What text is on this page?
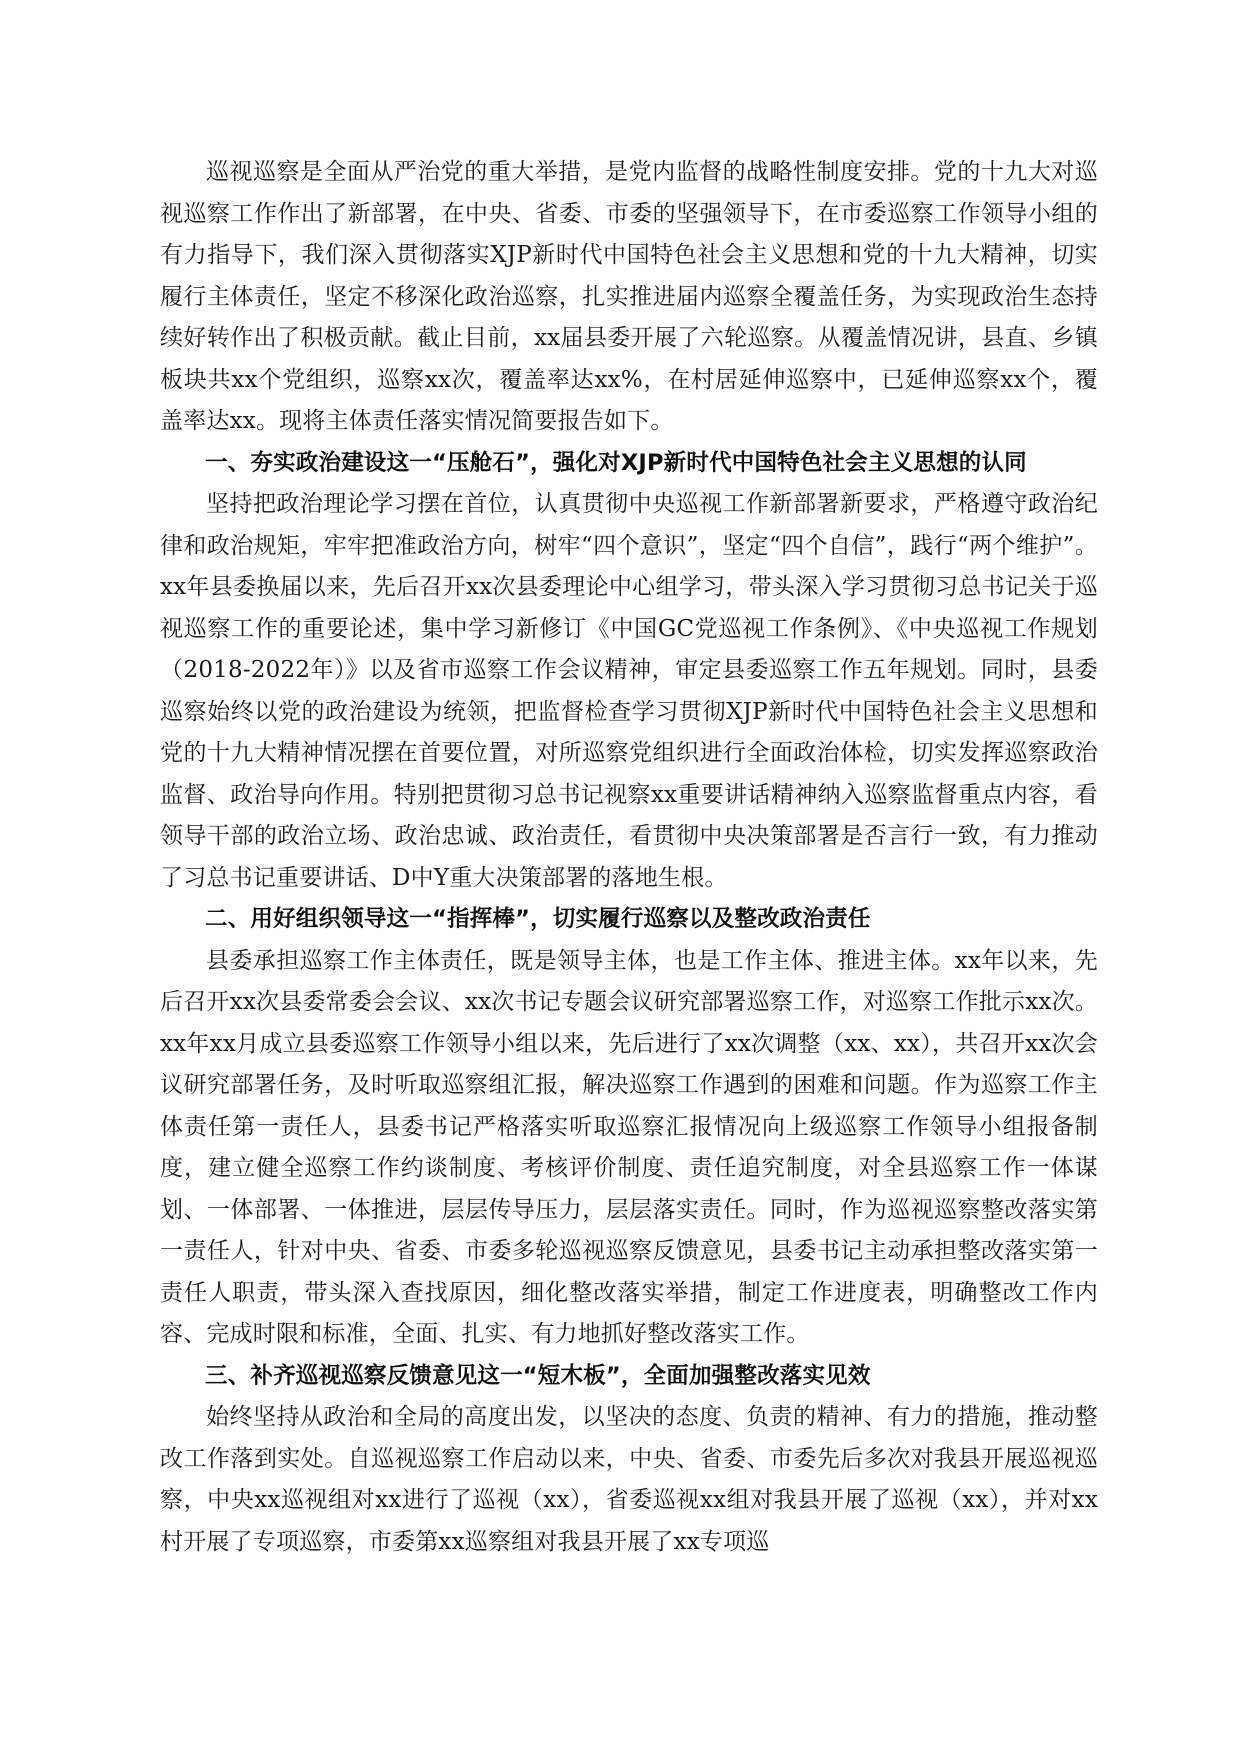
巡视巡察是全面从严治党的重大举措，是党内监督的战略性制度安排。党的十九大对巡视巡察工作作出了新部署，在中央、省委、市委的坚强领导下，在市委巡察工作领导小组的有力指导下，我们深入贯彻落实XJP新时代中国特色社会主义思想和党的十九大精神，切实履行主体责任，坚定不移深化政治巡察，扎实推进届内巡察全覆盖任务，为实现政治生态持续好转作出了积极贡献。截止目前，xx届县委开展了六轮巡察。从覆盖情况讲，县直、乡镇板块共xx个党组织，巡察xx次，覆盖率达xx%，在村居延伸巡察中，已延伸巡察xx个，覆盖率达xx。现将主体责任落实情况简要报告如下。

一、夯实政治建设这一“压舱石”，强化对XJP新时代中国特色社会主义思想的认同

坚持把政治理论学习摆在首位，认真贯彻中央巡视工作新部署新要求，严格遵守政治纪律和政治规矩，牢牢把准政治方向，树牢“四个意识”，坚定“四个自信”，践行“两个维护”。xx年县委换届以来，先后召开xx次县委理论中心组学习，带头深入学习贯彻习总书记关于巡视巡察工作的重要论述，集中学习新修订《中国GC党巡视工作条例》、《中央巡视工作规划（2018-2022年）》以及省市巡察工作会议精神，审定县委巡察工作五年规划。同时，县委巡察始终以党的政治建设为统领，把监督检查学习贯彻XJP新时代中国特色社会主义思想和党的十九大精神情况摆在首要位置，对所巡察党组织进行全面政治体检，切实发挥巡察政治监督、政治导向作用。特别把贯彻习总书记视察xx重要讲话精神纳入巡察监督重点内容，看领导干部的政治立场、政治忠诚、政治责任，看贯彻中央决策部署是否言行一致，有力推动了习总书记重要讲话、D中Y重大决策部署的落地生根。

二、用好组织领导这一“指挥棒”，切实履行巡察以及整改政治责任

县委承担巡察工作主体责任，既是领导主体，也是工作主体、推进主体。xx年以来，先后召开xx次县委常委会会议、xx次书记专题会议研究部署巡察工作，对巡察工作批示xx次。xx年xx月成立县委巡察工作领导小组以来，先后进行了xx次调整（xx、xx），共召开xx次会议研究部署任务，及时听取巡察组汇报，解决巡察工作遇到的困难和问题。作为巡察工作主体责任第一责任人，县委书记严格落实听取巡察汇报情况向上级巡察工作领导小组报备制度，建立健全巡察工作约谈制度、考核评价制度、责任追究制度，对全县巡察工作一体谋划、一体部署、一体推进，层层传导压力，层层落实责任。同时，作为巡视巡察整改落实第一责任人，针对中央、省委、市委多轮巡视巡察反馈意见，县委书记主动承担整改落实第一责任人职责，带头深入查找原因，细化整改落实举措，制定工作进度表，明确整改工作内容、完成时限和标准，全面、扎实、有力地抓好整改落实工作。

三、补齐巡视巡察反馈意见这一“短木板”，全面加强整改落实见效

始终坚持从政治和全局的高度出发，以坚决的态度、负责的精神、有力的措施，推动整改工作落到实处。自巡视巡察工作启动以来，中央、省委、市委先后多次对我县开展巡视巡察，中央xx巡视组对xx进行了巡视（xx），省委巡视xx组对我县开展了巡视（xx），并对xx村开展了专项巡察，市委第xx巡察组对我县开展了xx专项巡
